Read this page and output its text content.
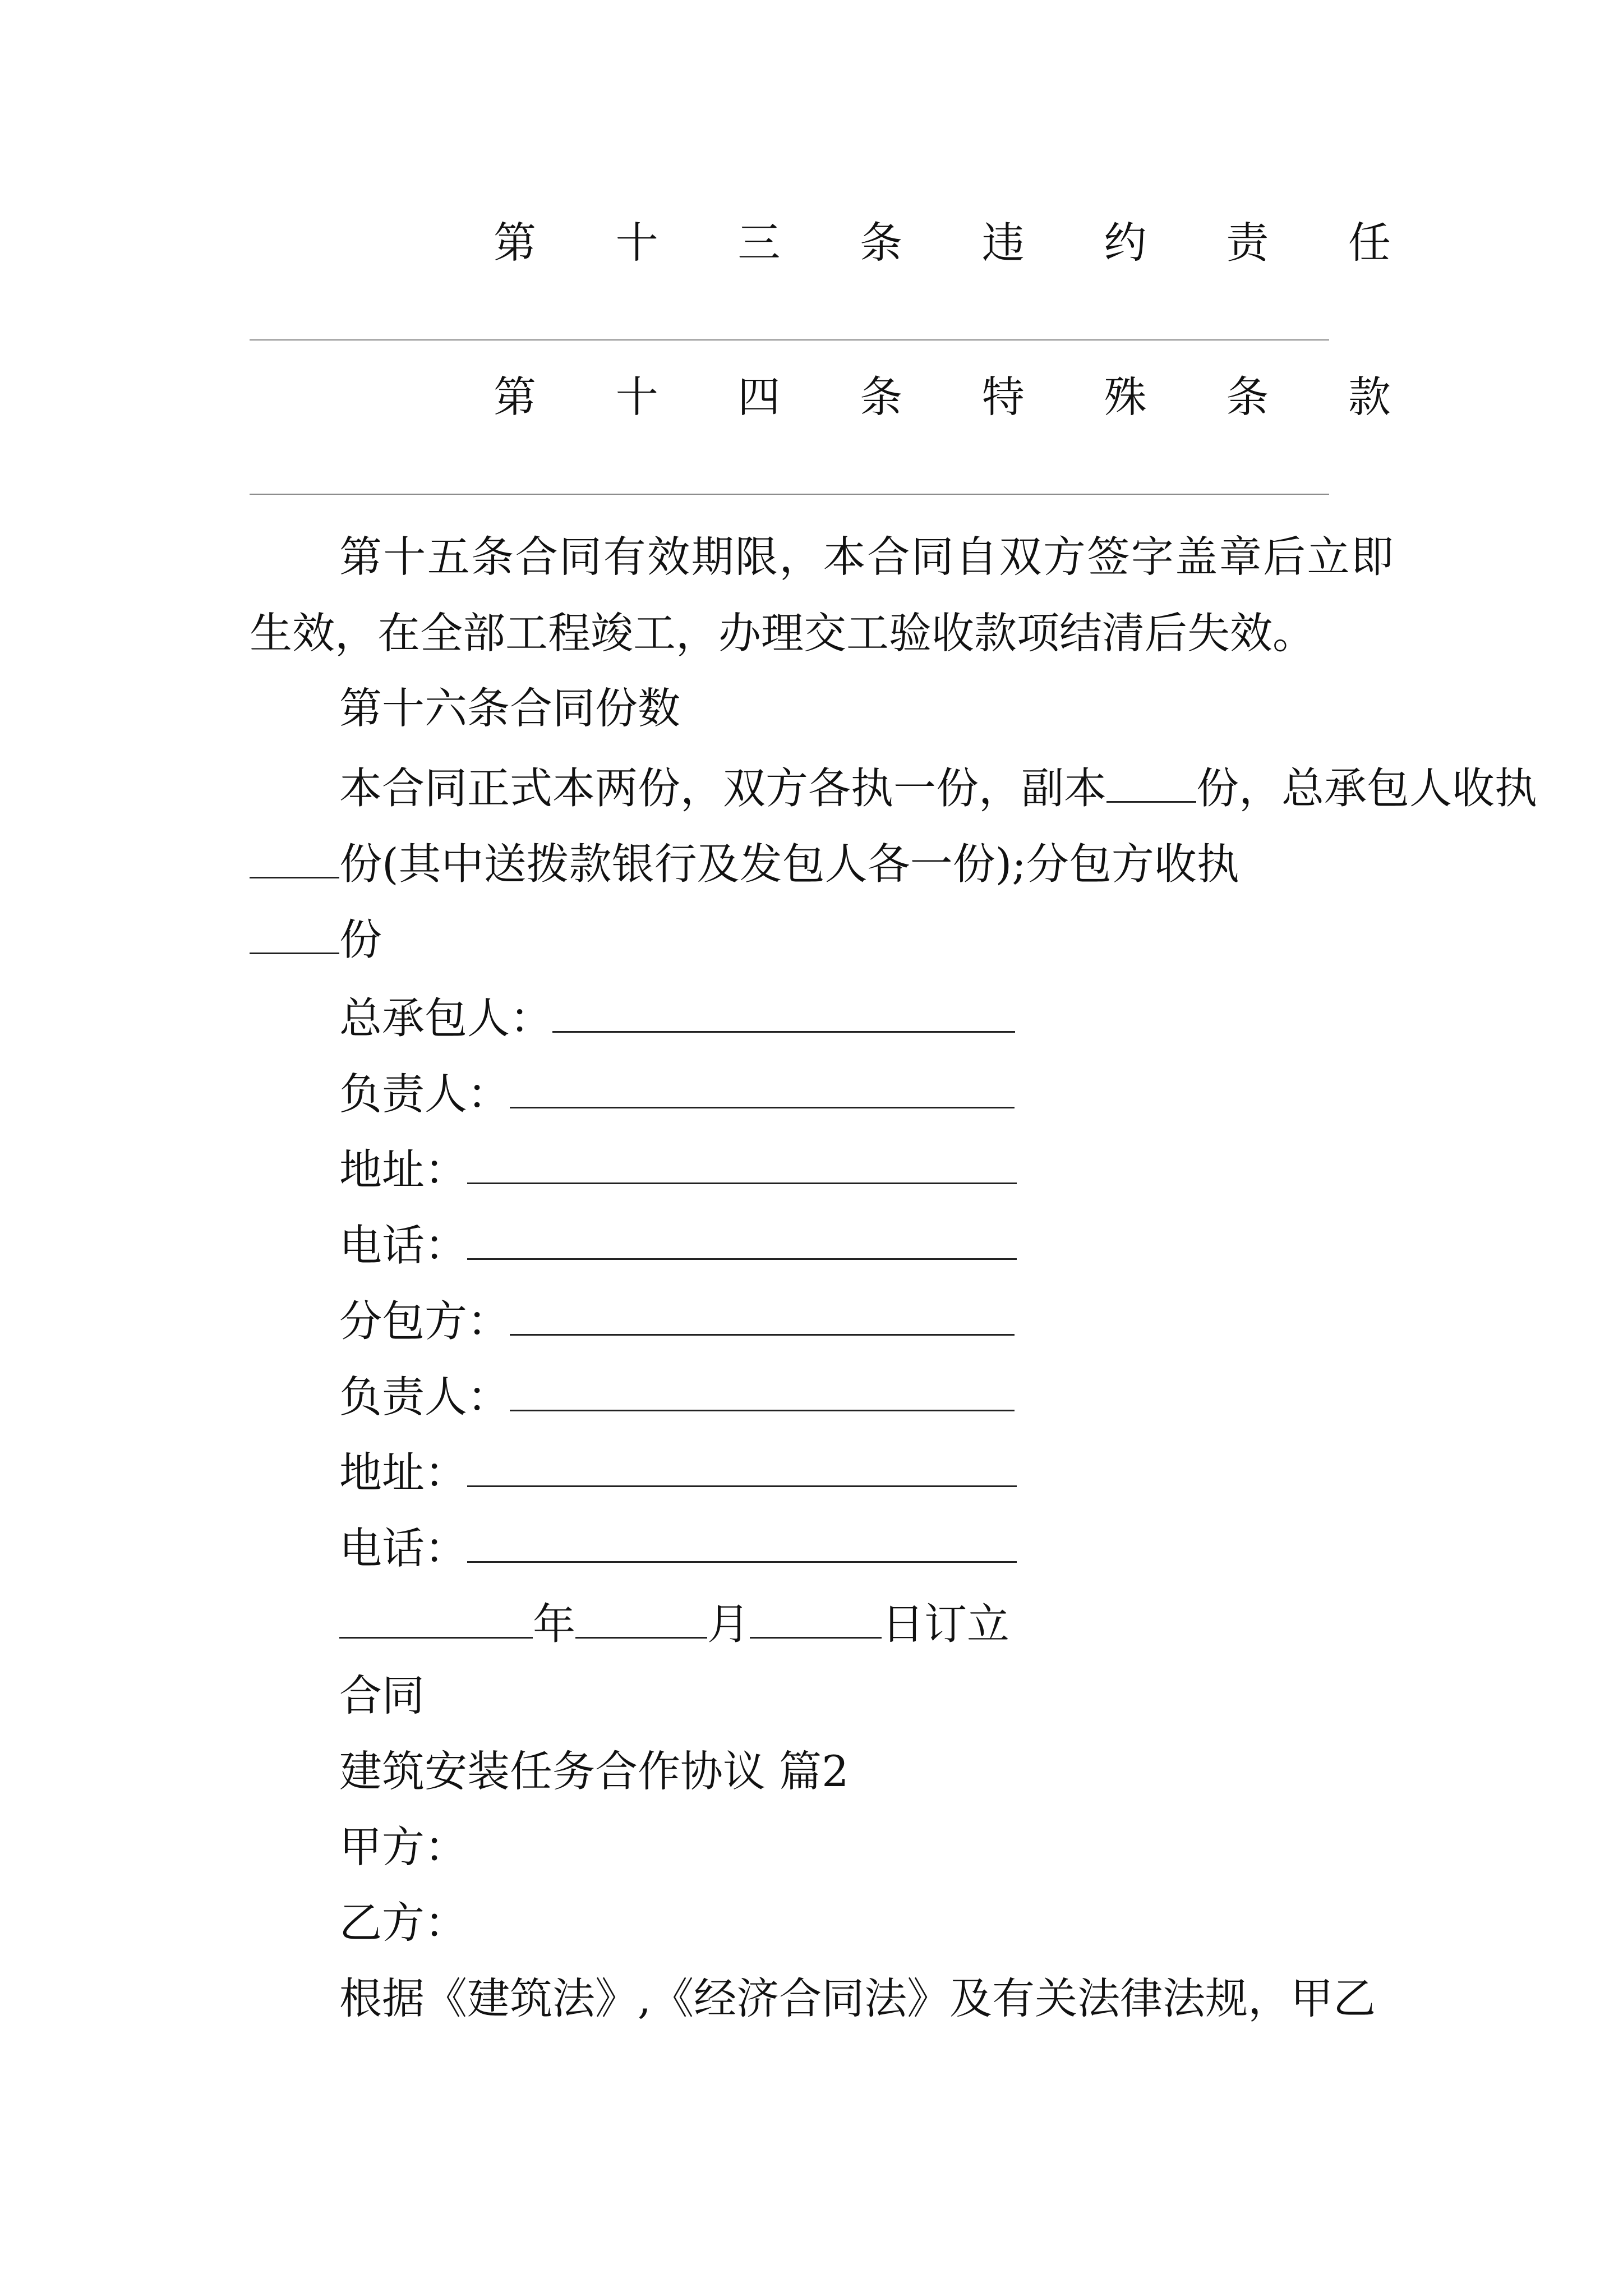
第 十 三 条 违 约 责 任
第 十 四 条 特 殊 条 款
第十五条合同有效期限，本合同自双方签字盖章后立即生效，在全部工程竣工，办理交工验收款项结清后失效。
第十六条合同份数
本合同正式本两份，双方各执一份，副本 份，总承包人收执
份(其中送拨款银行及发包人各一份);分包方收执
份
总承包人：
负责人：
地址：
电话：
分包方：
负责人：
地址：
电话：
年	月	日订立
合同
建筑安装任务合作协议 篇2
甲方：
乙方：
根据《建筑法》,《经济合同法》及有关法律法规，甲乙
